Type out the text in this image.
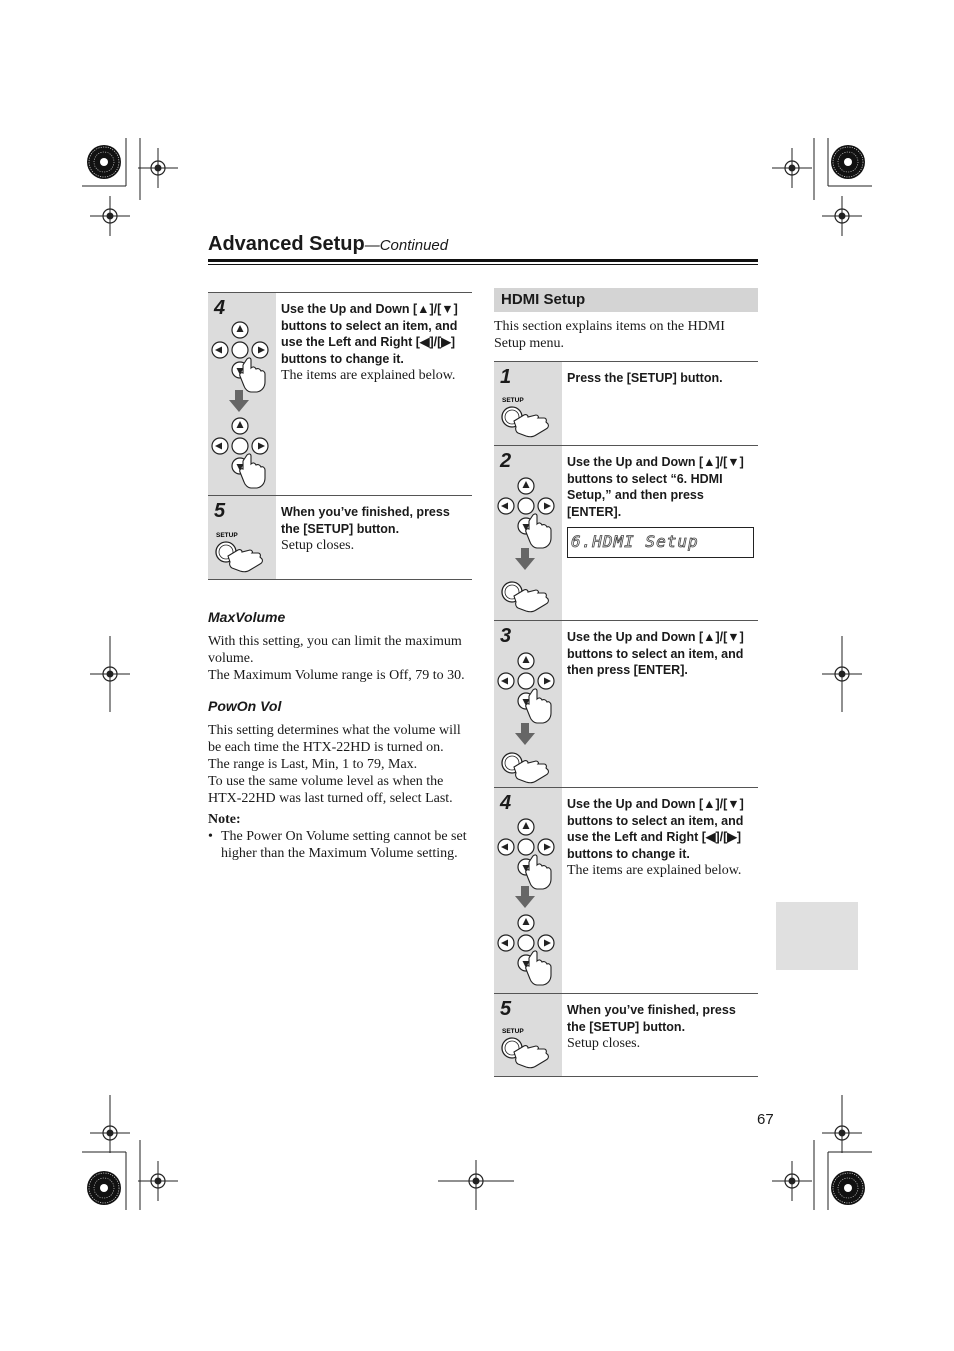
Advanced Setup—Continued
4	Use the Up and Down [▲]/[▼] buttons to select an item, and use the Left and Right [◀]/[▶] buttons to change it.
The items are explained below.
5
SETUP
When you’ve finished, press the [SETUP] button.
Setup closes.
MaxVolume
With this setting, you can limit the maximum volume.
The Maximum Volume range is Off, 79 to 30.
PowOn Vol
This setting determines what the volume will be each time the HTX-22HD is turned on.
The range is Last, Min, 1 to 79, Max.
To use the same volume level as when the HTX-22HD was last turned off, select Last.
Note:
• The Power On Volume setting cannot be set higher than the Maximum Volume setting.
HDMI Setup
This section explains items on the HDMI Setup menu.
1
SETUP
Press the [SETUP] button.
2	Use the Up and Down [▲]/[▼] buttons to select “6. HDMI Setup,” and then press [ENTER].
6.HDMI Setup
3	Use the Up and Down [▲]/[▼] buttons to select an item, and then press [ENTER].
4	Use the Up and Down [▲]/[▼] buttons to select an item, and use the Left and Right [◀]/[▶] buttons to change it.
The items are explained below.
5
SETUP
When you’ve finished, press the [SETUP] button.
Setup closes.
67
